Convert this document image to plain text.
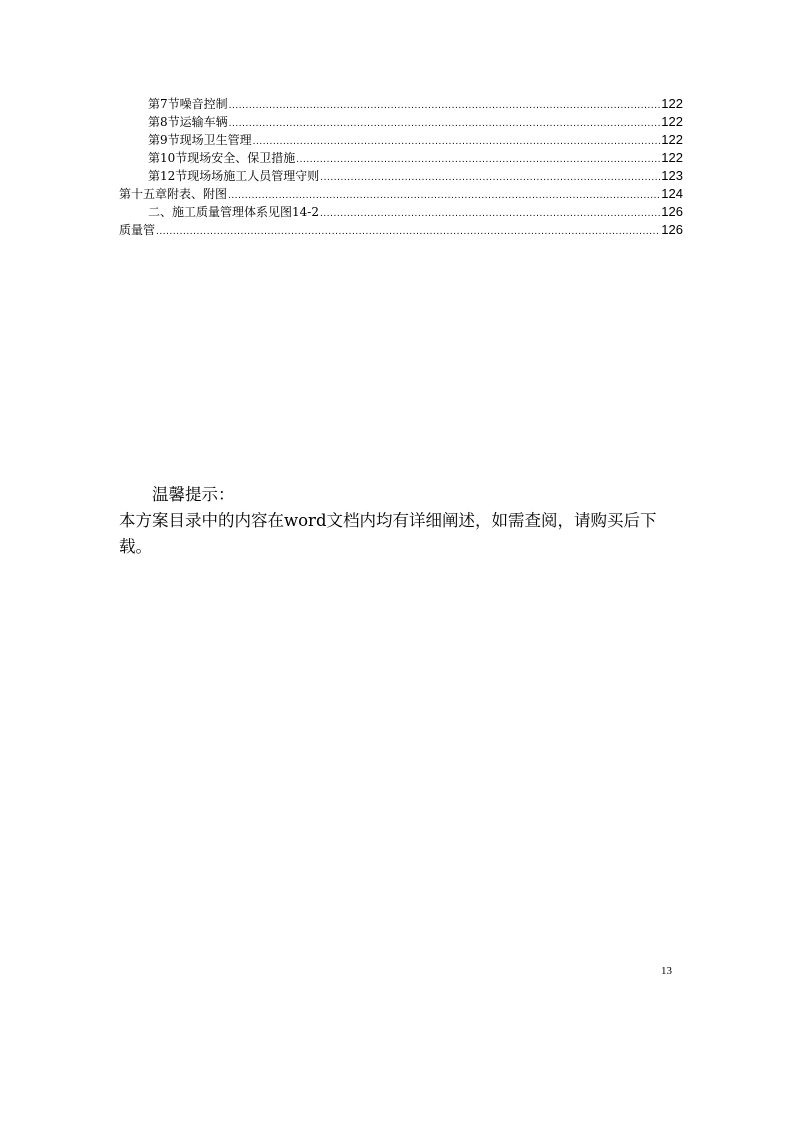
第7节噪音控制 .....	122
第8节运输车辆 .....	122
第9节现场卫生管理 .....	122
第10节现场安全、保卫措施 .....	122
第12节现场场施工人员管理守则 .....	123
第十五章附表、附图 .....	124
二、施工质量管理体系见图14-2 .....	126
质量管 .....	126
温馨提示：

本方案目录中的内容在word文档内均有详细阐述，如需查阅，请购买后下载。

13
